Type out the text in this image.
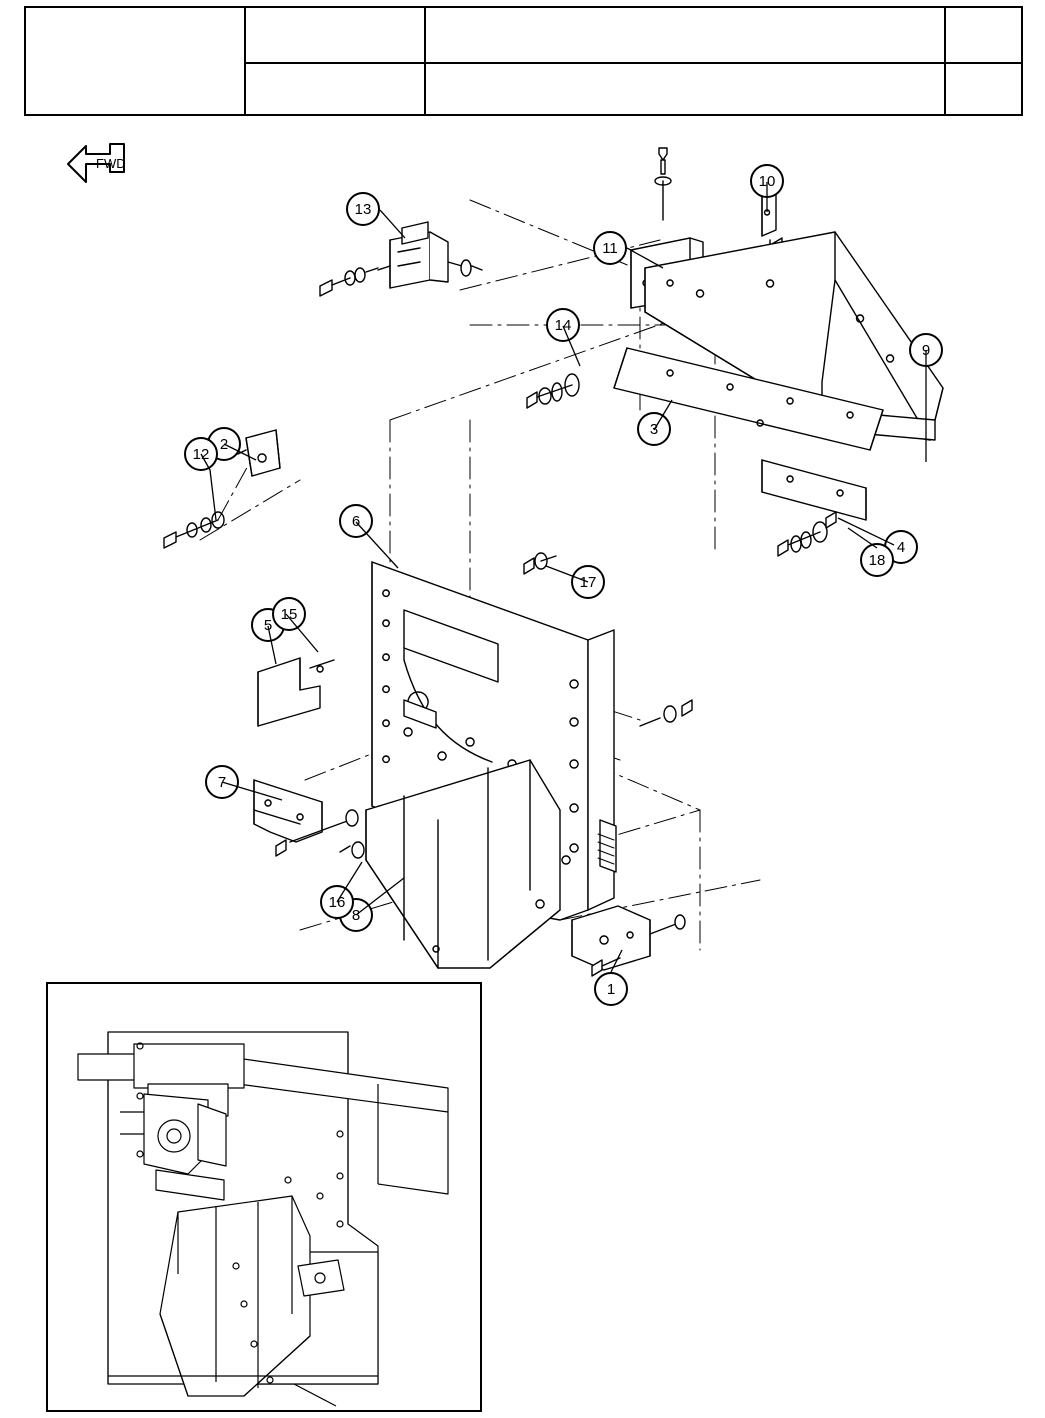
FWD
1
2
3
4
5
6
7
8
9
10
11
12
13
14
15
16
17
18
